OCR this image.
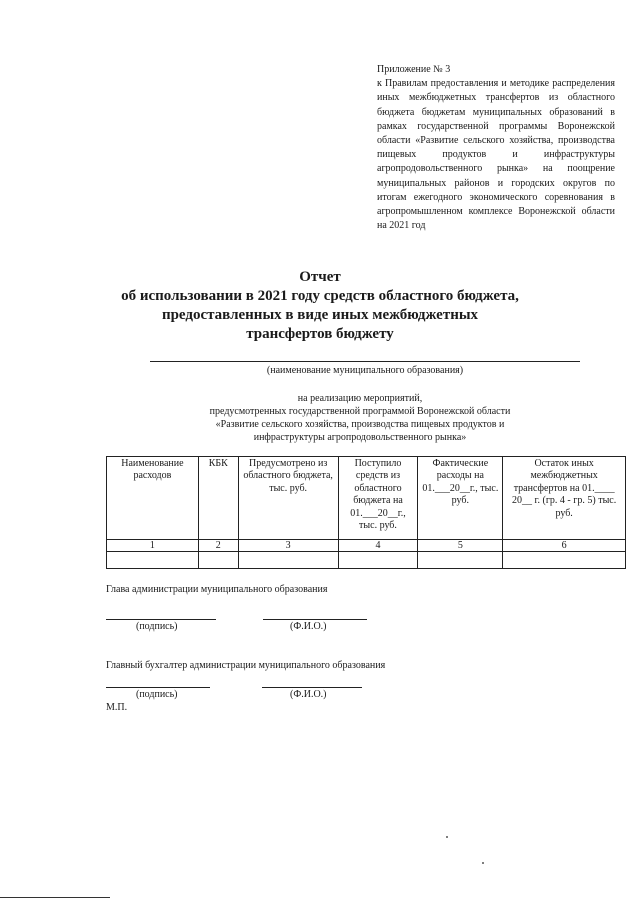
Приложение № 3
к Правилам предоставления и методике распределения иных межбюджетных трансфертов из областного бюджета бюджетам муниципальных образований в рамках государственной программы Воронежской области «Развитие сельского хозяйства, производства пищевых продуктов и инфраструктуры агропродовольственного рынка» на поощрение муниципальных районов и городских округов по итогам ежегодного экономического соревнования в агропромышленном комплексе Воронежской области на 2021 год
Отчет
об использовании в 2021 году средств областного бюджета,
предоставленных в виде иных межбюджетных
трансфертов бюджету
(наименование муниципального образования)
на реализацию мероприятий,
предусмотренных государственной программой Воронежской области
«Развитие сельского хозяйства, производства пищевых продуктов и
инфраструктуры агропродовольственного рынка»
Наименование расходов	КБК	Предусмотрено из областного бюджета, тыс. руб.	Поступило средств из областного бюджета на 01.___20__г., тыс. руб.	Фактические расходы на 01.___20__г., тыс. руб.	Остаток иных межбюджетных трансфертов на 01.____ 20__ г. (гр. 4 - гр. 5) тыс. руб.
1	2	3	4	5	6

Глава администрации муниципального образования
(подпись)	(Ф.И.О.)
Главный бухгалтер администрации муниципального образования
(подпись)	(Ф.И.О.)
М.П.
